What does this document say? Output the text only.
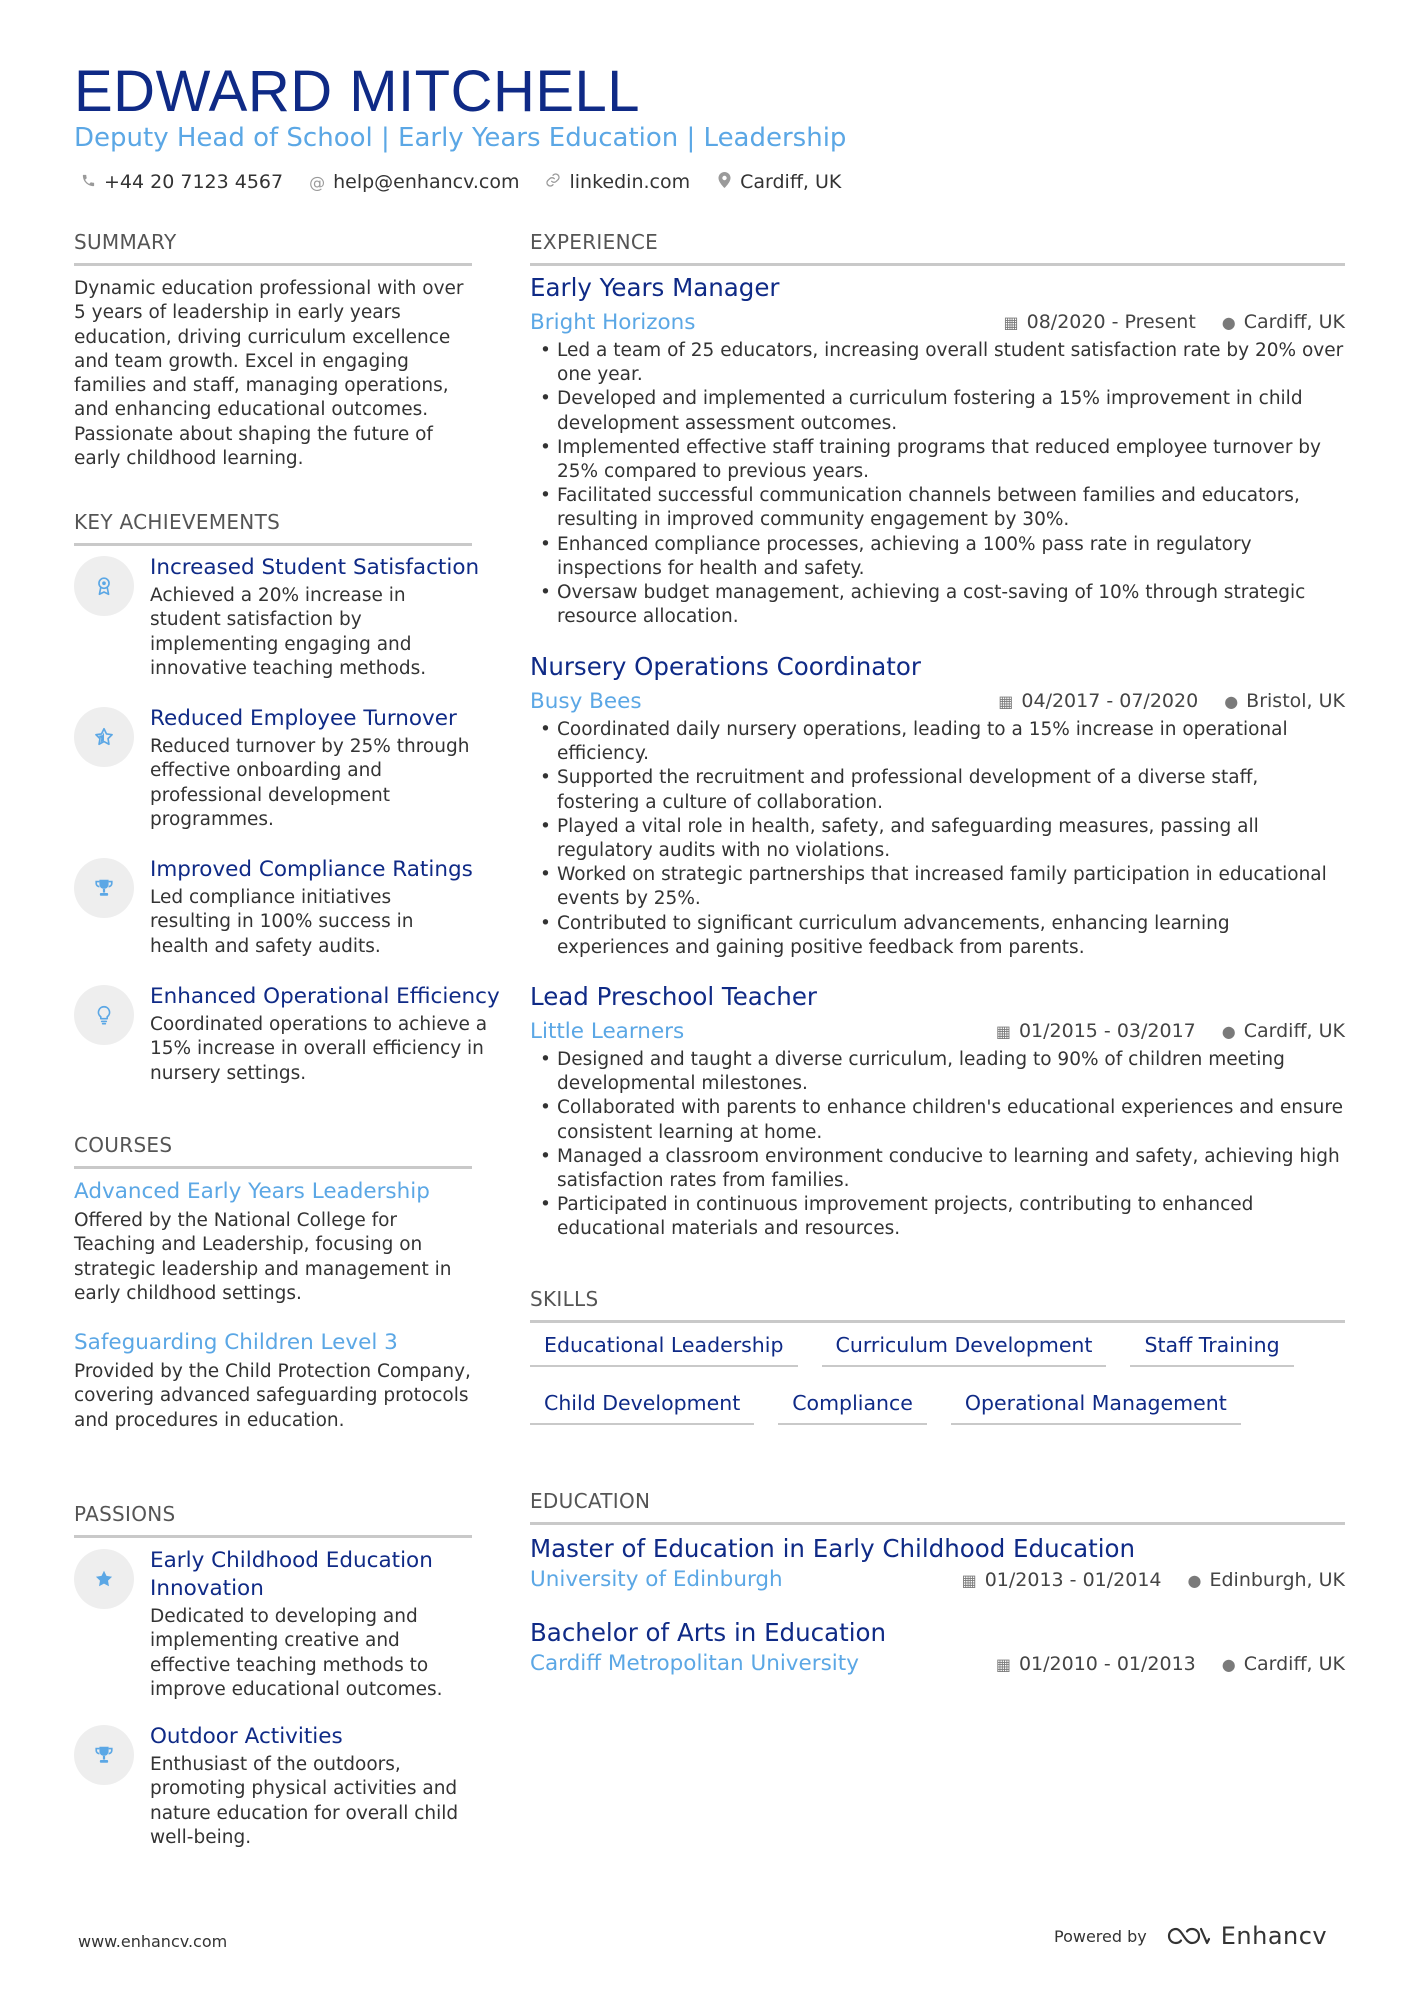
EDWARD MITCHELL
Deputy Head of School | Early Years Education | Leadership
+44 20 7123 4567 @ help@enhancv.com	linkedin.com	Cardiff, UK
SUMMARY
Dynamic education professional with over 5 years of leadership in early years education, driving curriculum excellence and team growth. Excel in engaging families and staff, managing operations, and enhancing educational outcomes. Passionate about shaping the future of early childhood learning.
KEY ACHIEVEMENTS
Increased Student Satisfaction
Achieved a 20% increase in student satisfaction by implementing engaging and innovative teaching methods.
Reduced Employee Turnover
Reduced turnover by 25% through effective onboarding and professional development programmes.
Improved Compliance Ratings
Led compliance initiatives resulting in 100% success in health and safety audits.
Enhanced Operational Efficiency
Coordinated operations to achieve a 15% increase in overall efficiency in nursery settings.
COURSES
Advanced Early Years Leadership
Offered by the National College for Teaching and Leadership, focusing on strategic leadership and management in early childhood settings.
Safeguarding Children Level 3
Provided by the Child Protection Company, covering advanced safeguarding protocols and procedures in education.
PASSIONS
Early Childhood Education Innovation
Dedicated to developing and implementing creative and effective teaching methods to improve educational outcomes.
Outdoor Activities
Enthusiast of the outdoors, promoting physical activities and nature education for overall child well-being.
EXPERIENCE
Early Years Manager
Bright Horizons	▦ 08/2020 - Present ● Cardiff, UK
• Led a team of 25 educators, increasing overall student satisfaction rate by 20% over one year.
• Developed and implemented a curriculum fostering a 15% improvement in child development assessment outcomes.
• Implemented effective staff training programs that reduced employee turnover by 25% compared to previous years.
• Facilitated successful communication channels between families and educators, resulting in improved community engagement by 30%.
• Enhanced compliance processes, achieving a 100% pass rate in regulatory inspections for health and safety.
• Oversaw budget management, achieving a cost-saving of 10% through strategic resource allocation.
Nursery Operations Coordinator
Busy Bees	▦ 04/2017 - 07/2020 ● Bristol, UK
• Coordinated daily nursery operations, leading to a 15% increase in operational efficiency.
• Supported the recruitment and professional development of a diverse staff, fostering a culture of collaboration.
• Played a vital role in health, safety, and safeguarding measures, passing all regulatory audits with no violations.
• Worked on strategic partnerships that increased family participation in educational events by 25%.
• Contributed to significant curriculum advancements, enhancing learning experiences and gaining positive feedback from parents.
Lead Preschool Teacher
Little Learners	▦ 01/2015 - 03/2017 ● Cardiff, UK
• Designed and taught a diverse curriculum, leading to 90% of children meeting developmental milestones.
• Collaborated with parents to enhance children's educational experiences and ensure consistent learning at home.
• Managed a classroom environment conducive to learning and safety, achieving high satisfaction rates from families.
• Participated in continuous improvement projects, contributing to enhanced educational materials and resources.
SKILLS
Educational Leadership	Curriculum Development	Staff Training
Child Development	Compliance	Operational Management
EDUCATION
Master of Education in Early Childhood Education
University of Edinburgh	▦ 01/2013 - 01/2014 ● Edinburgh, UK
Bachelor of Arts in Education
Cardiff Metropolitan University	▦ 01/2010 - 01/2013 ● Cardiff, UK
www.enhancv.com	Powered by	Enhancv
